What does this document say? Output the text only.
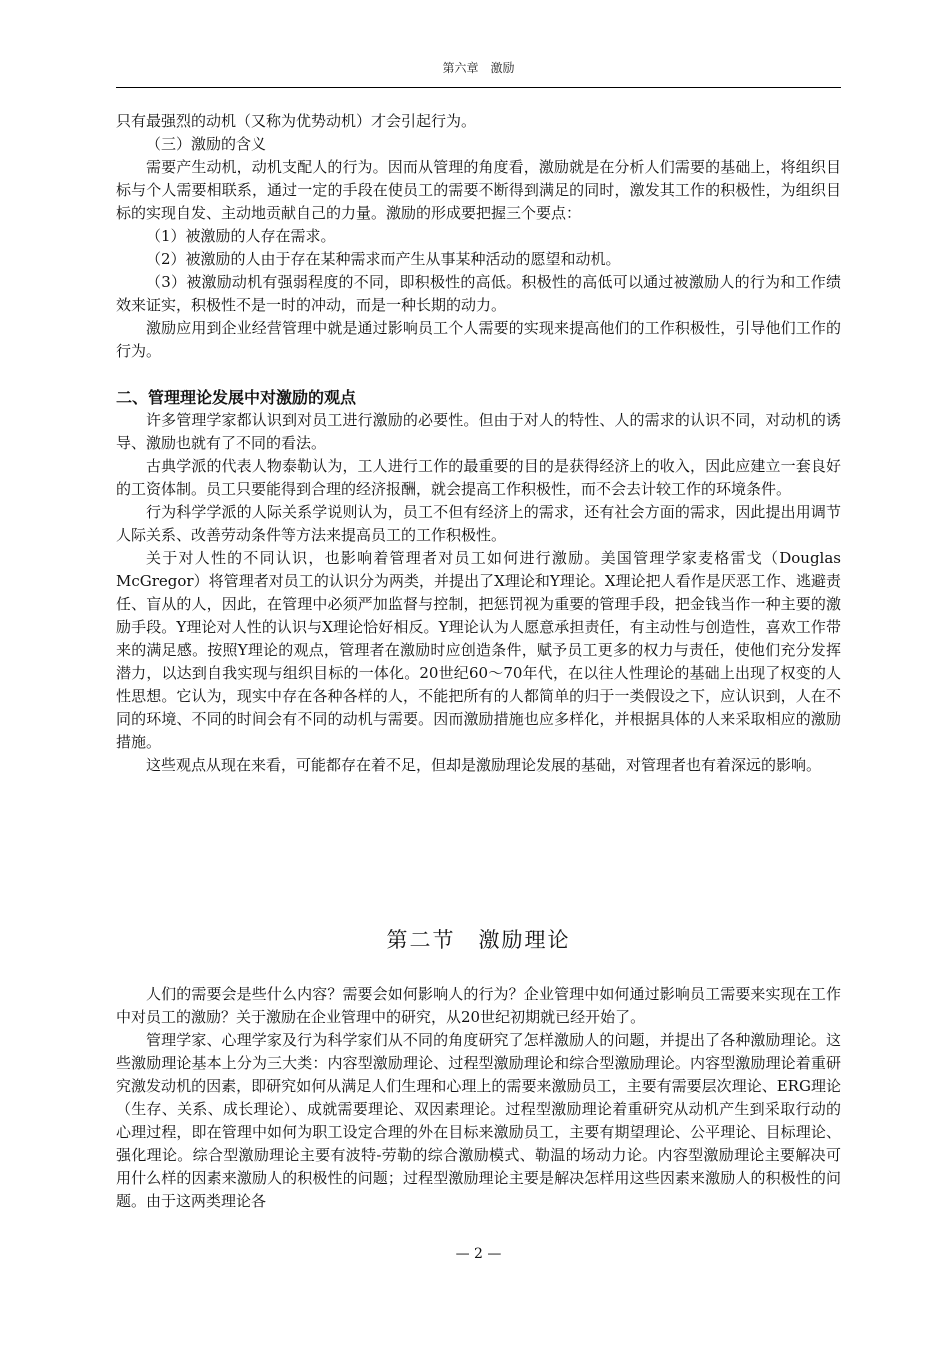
第六章　激励

只有最强烈的动机（又称为优势动机）才会引起行为。

（三）激励的含义

需要产生动机，动机支配人的行为。因而从管理的角度看，激励就是在分析人们需要的基础上，将组织目标与个人需要相联系，通过一定的手段在使员工的需要不断得到满足的同时，激发其工作的积极性，为组织目标的实现自发、主动地贡献自己的力量。激励的形成要把握三个要点：

（1）被激励的人存在需求。

（2）被激励的人由于存在某种需求而产生从事某种活动的愿望和动机。

（3）被激励动机有强弱程度的不同，即积极性的高低。积极性的高低可以通过被激励人的行为和工作绩效来证实，积极性不是一时的冲动，而是一种长期的动力。

激励应用到企业经营管理中就是通过影响员工个人需要的实现来提高他们的工作积极性，引导他们工作的行为。

二、管理理论发展中对激励的观点

许多管理学家都认识到对员工进行激励的必要性。但由于对人的特性、人的需求的认识不同，对动机的诱导、激励也就有了不同的看法。

古典学派的代表人物泰勒认为，工人进行工作的最重要的目的是获得经济上的收入，因此应建立一套良好的工资体制。员工只要能得到合理的经济报酬，就会提高工作积极性，而不会去计较工作的环境条件。

行为科学学派的人际关系学说则认为，员工不但有经济上的需求，还有社会方面的需求，因此提出用调节人际关系、改善劳动条件等方法来提高员工的工作积极性。

关于对人性的不同认识，也影响着管理者对员工如何进行激励。美国管理学家麦格雷戈（Douglas McGregor）将管理者对员工的认识分为两类，并提出了X理论和Y理论。X理论把人看作是厌恶工作、逃避责任、盲从的人，因此，在管理中必须严加监督与控制，把惩罚视为重要的管理手段，把金钱当作一种主要的激励手段。Y理论对人性的认识与X理论恰好相反。Y理论认为人愿意承担责任，有主动性与创造性，喜欢工作带来的满足感。按照Y理论的观点，管理者在激励时应创造条件，赋予员工更多的权力与责任，使他们充分发挥潜力，以达到自我实现与组织目标的一体化。20世纪60～70年代，在以往人性理论的基础上出现了权变的人性思想。它认为，现实中存在各种各样的人，不能把所有的人都简单的归于一类假设之下，应认识到，人在不同的环境、不同的时间会有不同的动机与需要。因而激励措施也应多样化，并根据具体的人来采取相应的激励措施。

这些观点从现在来看，可能都存在着不足，但却是激励理论发展的基础，对管理者也有着深远的影响。

第二节　激励理论

人们的需要会是些什么内容？需要会如何影响人的行为？企业管理中如何通过影响员工需要来实现在工作中对员工的激励？关于激励在企业管理中的研究，从20世纪初期就已经开始了。

管理学家、心理学家及行为科学家们从不同的角度研究了怎样激励人的问题，并提出了各种激励理论。这些激励理论基本上分为三大类：内容型激励理论、过程型激励理论和综合型激励理论。内容型激励理论着重研究激发动机的因素，即研究如何从满足人们生理和心理上的需要来激励员工，主要有需要层次理论、ERG理论（生存、关系、成长理论）、成就需要理论、双因素理论。过程型激励理论着重研究从动机产生到采取行动的心理过程，即在管理中如何为职工设定合理的外在目标来激励员工，主要有期望理论、公平理论、目标理论、强化理论。综合型激励理论主要有波特-劳勒的综合激励模式、勒温的场动力论。内容型激励理论主要解决可用什么样的因素来激励人的积极性的问题；过程型激励理论主要是解决怎样用这些因素来激励人的积极性的问题。由于这两类理论各

— 2 —
